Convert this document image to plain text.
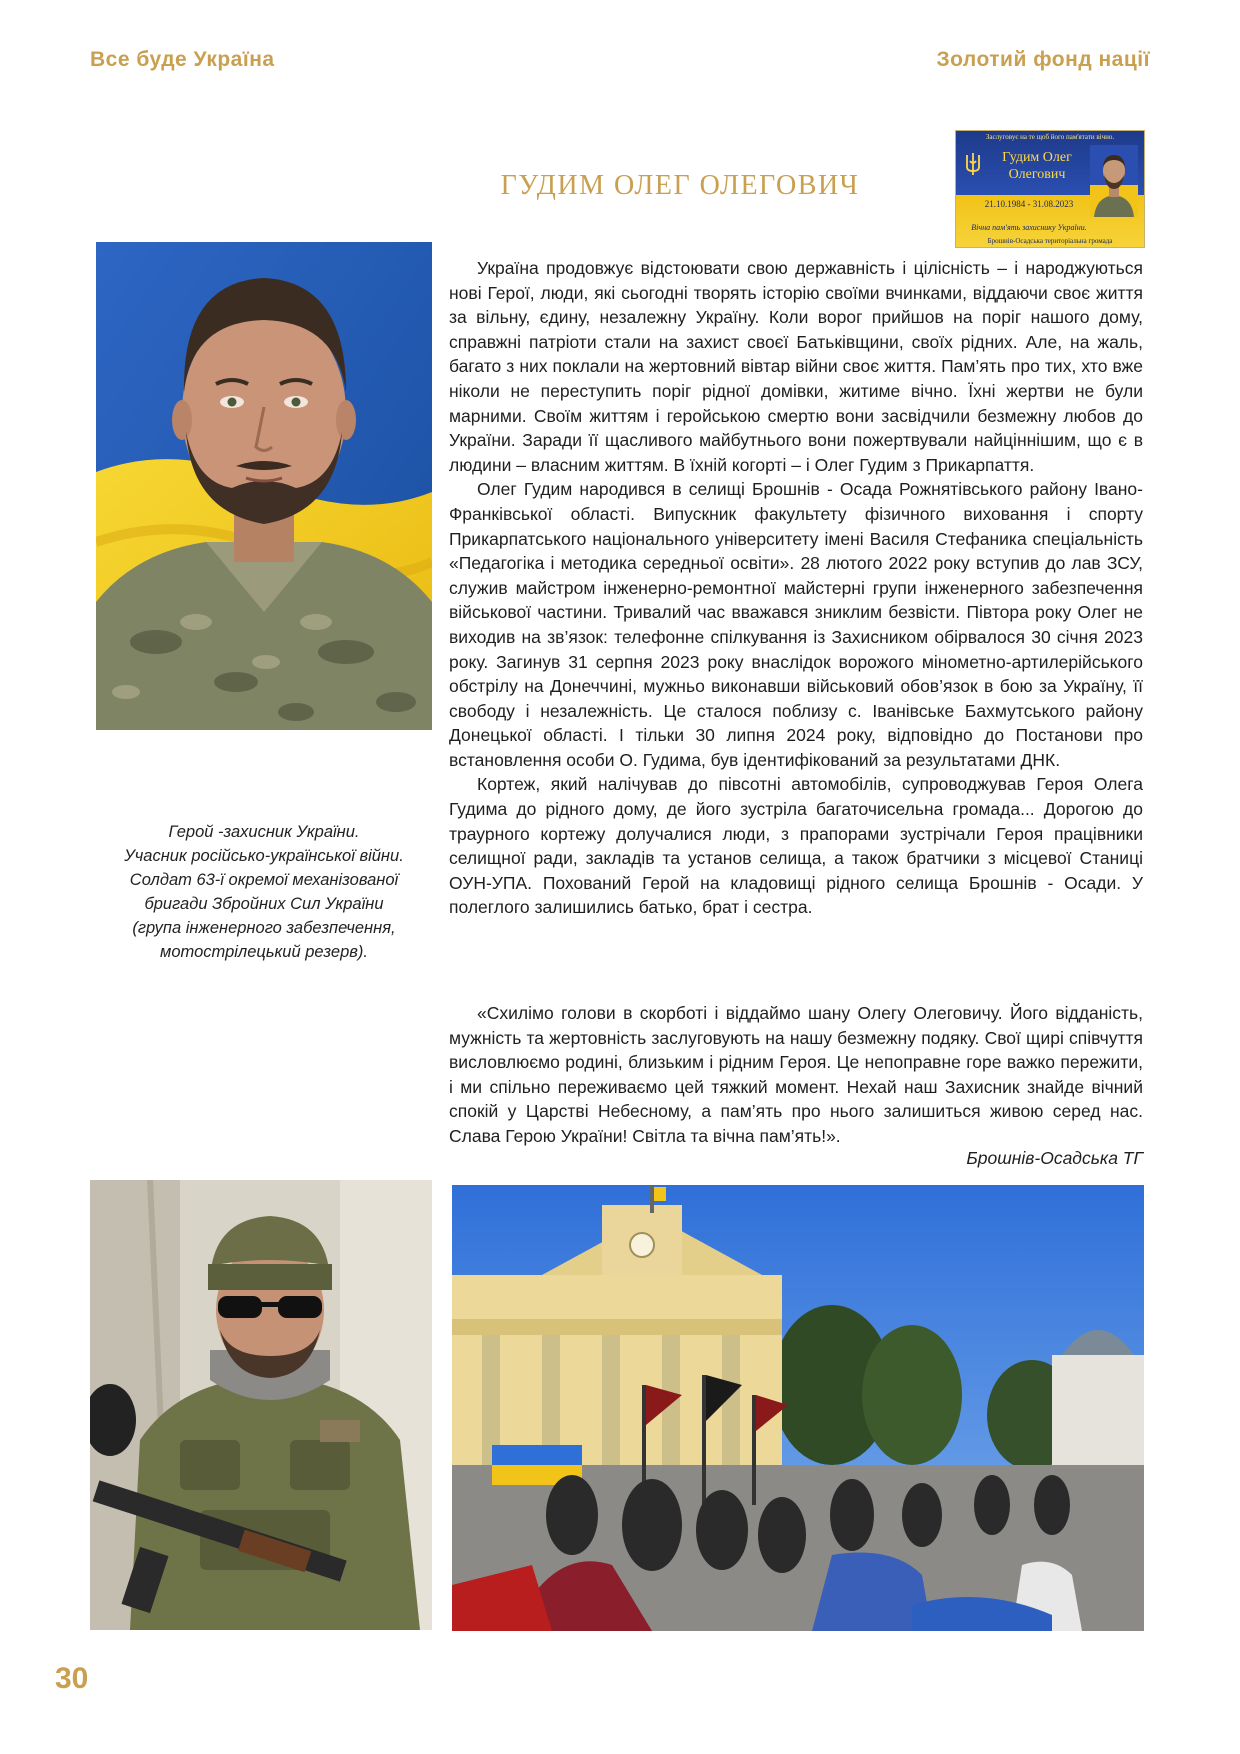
Все буде Україна	Золотий фонд нації
ГУДИМ ОЛЕГ ОЛЕГОВИЧ
Заслуговує на те щоб його пам'ятати вічно.
Гудим Олег
Олегович
21.10.1984 - 31.08.2023
Вічна пам'ять захиснику України.
Брошнів-Осадська територіальна громада
Герой -захисник України.
Учасник російсько-української війни.
Солдат 63-ї окремої механізованої
бригади Збройних Сил України
(група інженерного забезпечення,
мотострілецький резерв).

Україна продовжує відстоювати свою державність і цілісність – і народжуються нові Герої, люди, які сьогодні творять історію своїми вчинками, віддаючи своє життя за вільну, єдину, незалежну Україну. Коли ворог прийшов на поріг нашого дому, справжні патріоти стали на захист своєї Батьківщини, своїх рідних. Але, на жаль, багато з них поклали на жертовний вівтар війни своє життя. Пам’ять про тих, хто вже ніколи не переступить поріг рідної домівки, житиме вічно. Їхні жертви не були марними. Своїм життям і геройською смертю вони засвідчили безмежну любов до України. Заради її щасливого майбутнього вони пожертвували найціннішим, що є в людини – власним життям. В їхній когорті – і Олег Гудим з Прикарпаття.

Олег Гудим народився в селищі Брошнів - Осада Рожнятівського району Івано-Франківської області. Випускник факультету фізичного виховання і спорту Прикарпатського національного університету імені Василя Стефаника спеціальність «Педагогіка і методика середньої освіти». 28 лютого 2022 року вступив до лав ЗСУ, служив майстром інженерно-ремонтної майстерні групи інженерного забезпечення військової частини. Тривалий час вважався зниклим безвісти. Півтора року Олег не виходив на зв’язок: телефонне спілкування із Захисником обірвалося 30 січня 2023 року. Загинув 31 серпня 2023 року внаслідок ворожого мінометно-артилерійського обстрілу на Донеччині, мужньо виконавши військовий обов’язок в бою за Україну, її свободу і незалежність. Це сталося поблизу с. Іванівське Бахмутського району Донецької області. І тільки 30 липня 2024 року, відповідно до Постанови про встановлення особи О. Гудима, був ідентифікований за результатами ДНК.

Кортеж, який налічував до півсотні автомобілів, супроводжував Героя Олега Гудима до рідного дому, де його зустріла багаточисельна громада... Дорогою до траурного кортежу долучалися люди, з прапорами зустрічали Героя працівники селищної ради, закладів та установ селища, а також братчики з місцевої Станиці ОУН-УПА. Похований Герой на кладовищі рідного селища Брошнів - Осади. У полеглого залишились батько, брат і сестра.

«Схилімо голови в скорботі і віддаймо шану Олегу Олеговичу. Його відданість, мужність та жертовність заслуговують на нашу безмежну подяку. Свої щирі співчуття висловлюємо родині, близьким і рідним Героя. Це непоправне горе важко пережити, і ми спільно переживаємо цей тяжкий момент. Нехай наш Захисник знайде вічний спокій у Царстві Небесному, а пам’ять про нього залишиться живою серед нас. Слава Герою України! Світла та вічна пам’ять!».

Брошнів-Осадська ТГ
30
